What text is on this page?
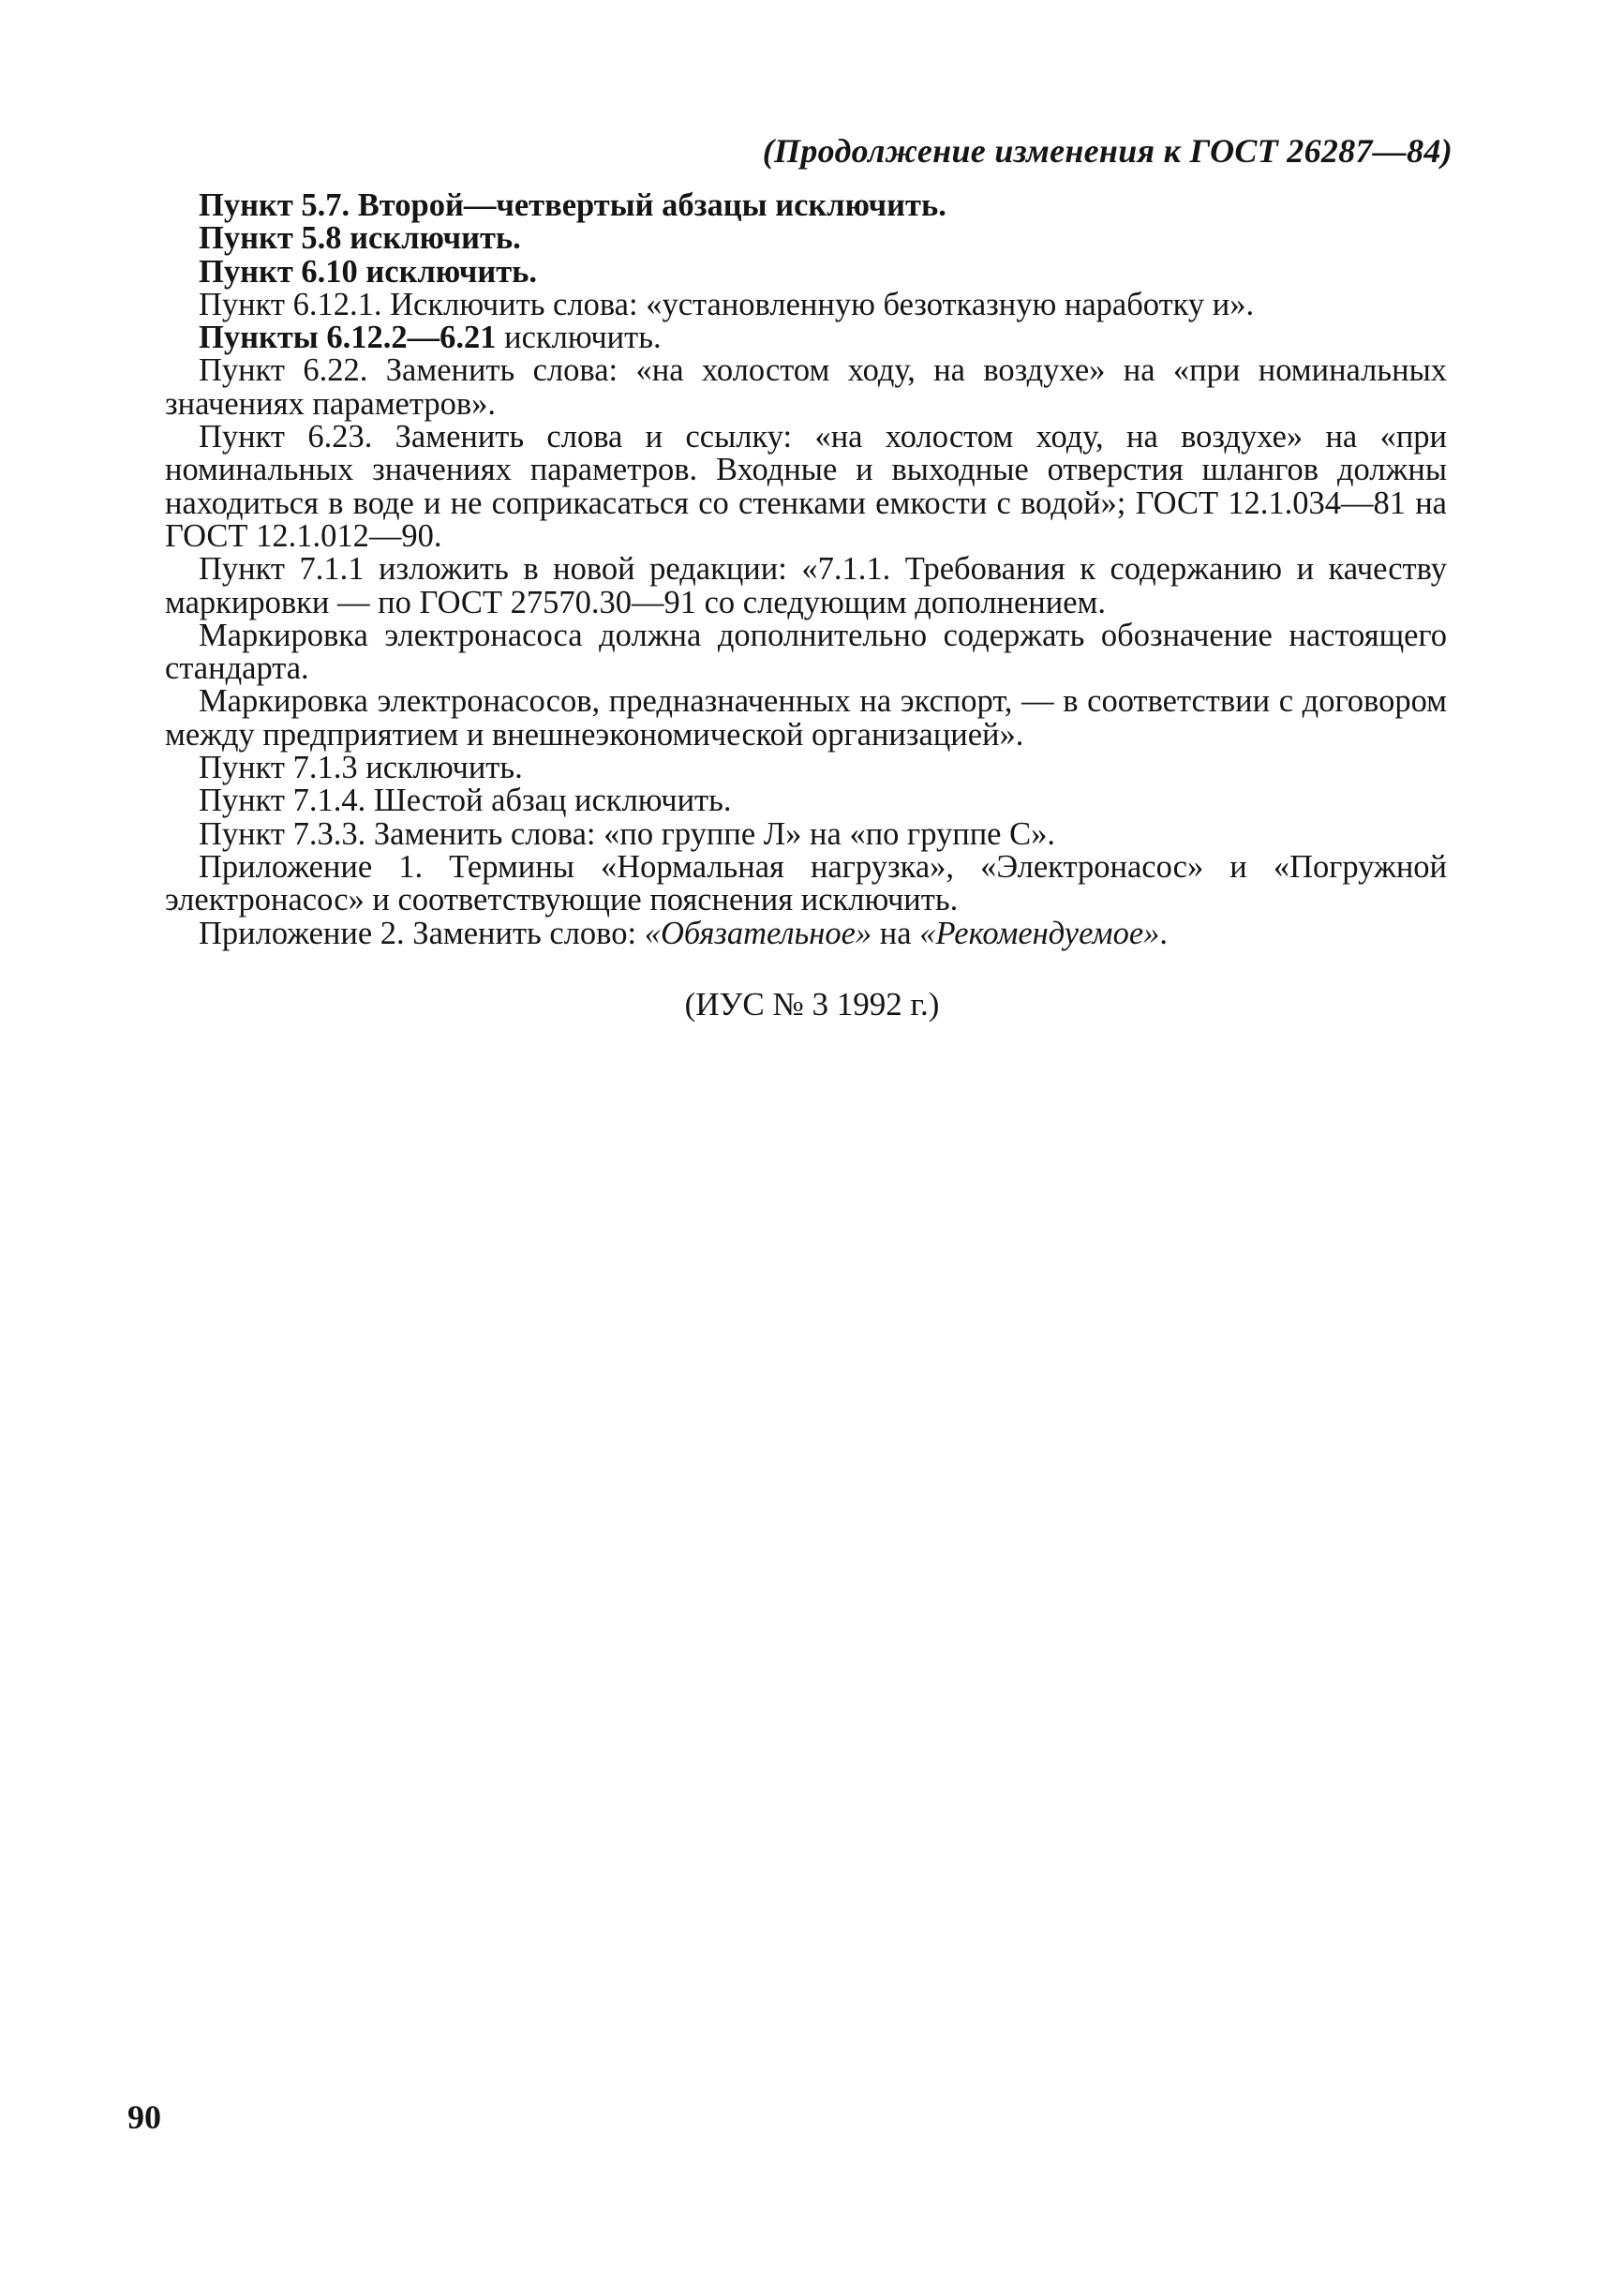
(Продолжение изменения к ГОСТ 26287—84)

Пункт 5.7. Второй—четвертый абзацы исключить.

Пункт 5.8 исключить.

Пункт 6.10 исключить.

Пункт 6.12.1. Исключить слова: «установленную безотказную наработку и».

Пункты 6.12.2—6.21 исключить.

Пункт 6.22. Заменить слова: «на холостом ходу, на воздухе» на «при номинальных значениях параметров».

Пункт 6.23. Заменить слова и ссылку: «на холостом ходу, на воздухе» на «при номинальных значениях параметров. Входные и выходные отверстия шлангов должны находиться в воде и не соприкасаться со стенками емкости с водой»; ГОСТ 12.1.034—81 на ГОСТ 12.1.012—90.

Пункт 7.1.1 изложить в новой редакции: «7.1.1. Требования к содержанию и качеству маркировки — по ГОСТ 27570.30—91 со следующим дополнением.

Маркировка электронасоса должна дополнительно содержать обозначение настоящего стандарта.

Маркировка электронасосов, предназначенных на экспорт, — в соответствии с договором между предприятием и внешнеэкономической организацией».

Пункт 7.1.3 исключить.

Пункт 7.1.4. Шестой абзац исключить.

Пункт 7.3.3. Заменить слова: «по группе Л» на «по группе С».

Приложение 1. Термины «Нормальная нагрузка», «Электронасос» и «Погружной электронасос» и соответствующие пояснения исключить.

Приложение 2. Заменить слово: «Обязательное» на «Рекомендуемое».

(ИУС № 3 1992 г.)
90
